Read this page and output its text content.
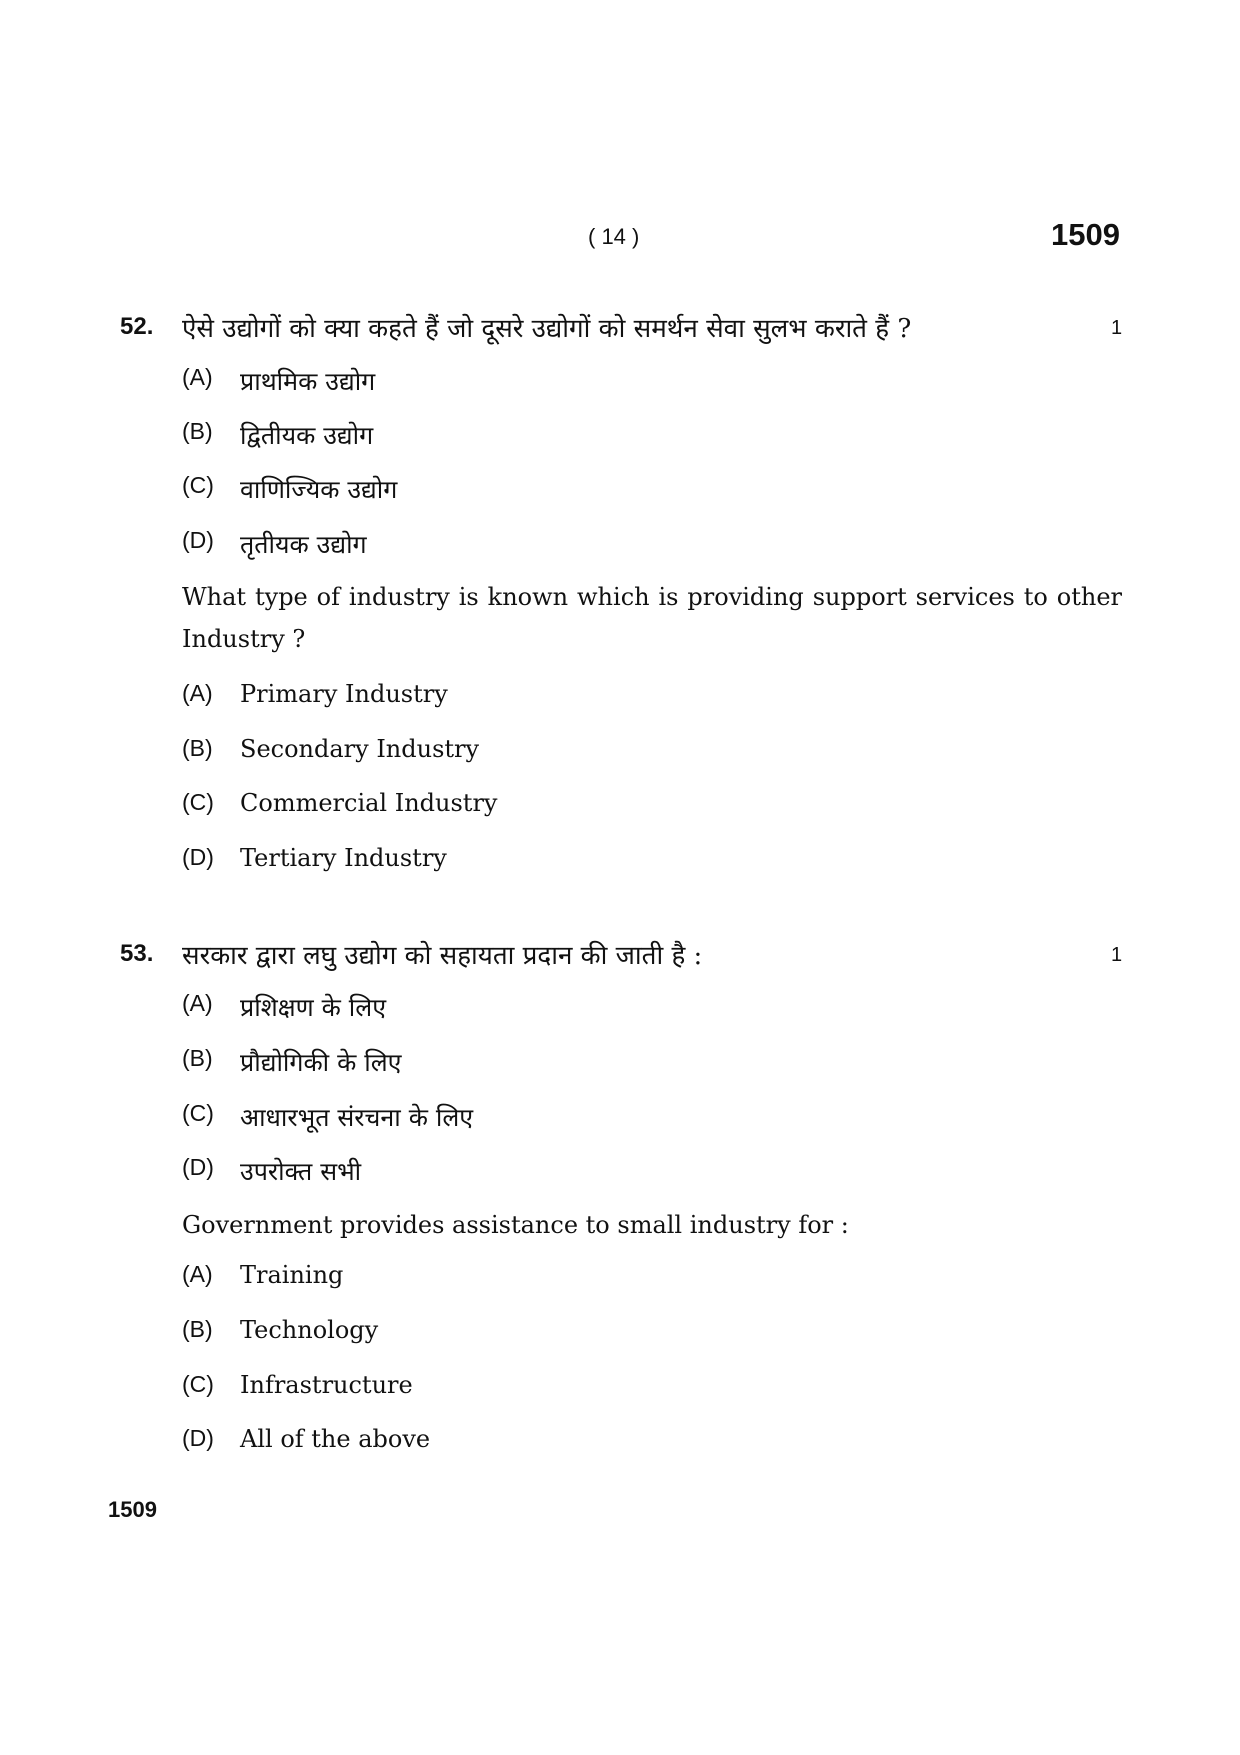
( 14 )	1509
52. ऐसे उद्योगों को क्या कहते हैं जो दूसरे उद्योगों को समर्थन सेवा सुलभ कराते हैं ?	1
(A)	प्राथमिक उद्योग
(B)	द्वितीयक उद्योग
(C)	वाणिज्यिक उद्योग
(D)	तृतीयक उद्योग
What type of industry is known which is providing support services to other Industry ?
(A)	Primary Industry
(B)	Secondary Industry
(C)	Commercial Industry
(D)	Tertiary Industry
53. सरकार द्वारा लघु उद्योग को सहायता प्रदान की जाती है :	1
(A)	प्रशिक्षण के लिए
(B)	प्रौद्योगिकी के लिए
(C)	आधारभूत संरचना के लिए
(D)	उपरोक्त सभी
Government provides assistance to small industry for :
(A)	Training
(B)	Technology
(C)	Infrastructure
(D)	All of the above
1509
